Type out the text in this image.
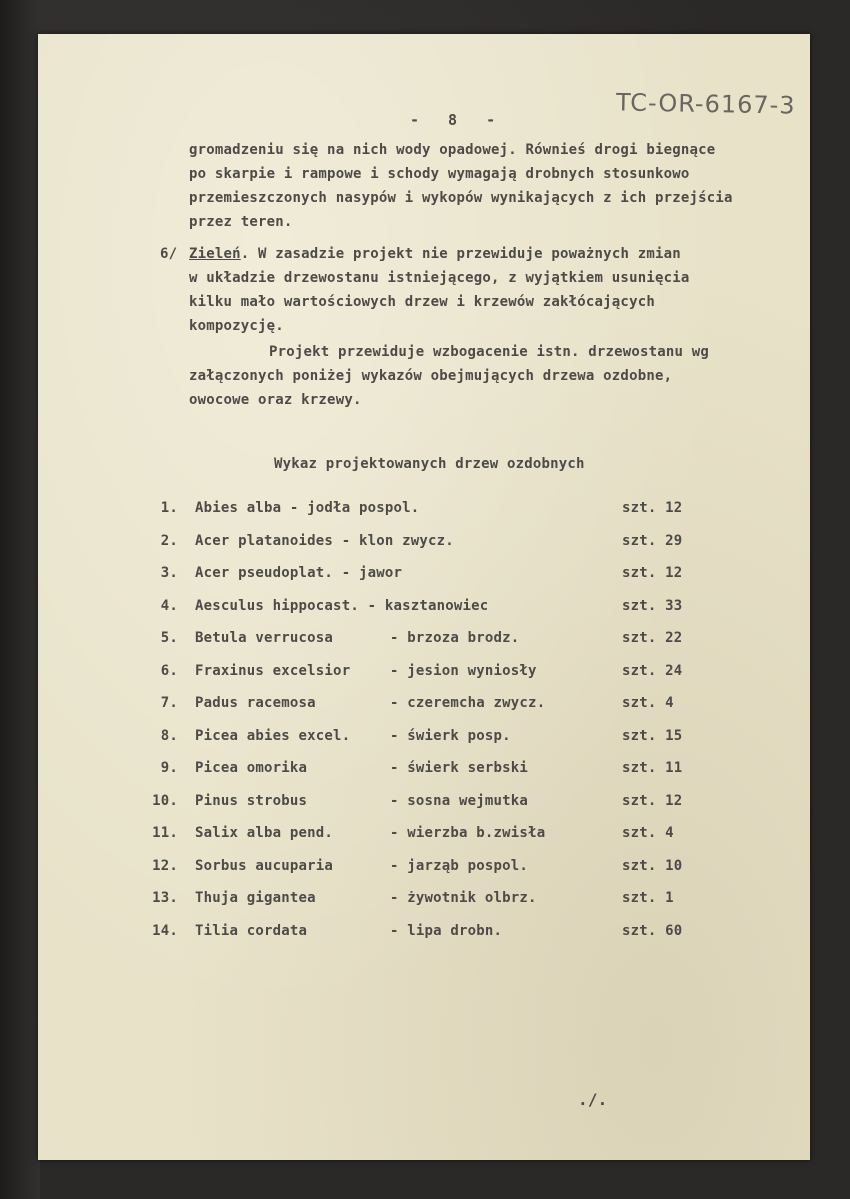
TC-OR-6167-3
- 8 -
gromadzeniu się na nich wody opadowej. Równieś drogi biegnące
po skarpie i rampowe i schody wymagają drobnych stosunkowo
przemieszczonych nasypów i wykopów wynikających z ich przejścia
przez teren.
6/ Zieleń. W zasadzie projekt nie przewiduje poważnych zmian
w układzie drzewostanu istniejącego, z wyjątkiem usunięcia
kilku mało wartościowych drzew i krzewów zakłócających
kompozycję.
Projekt przewiduje wzbogacenie istn. drzewostanu wg
załączonych poniżej wykazów obejmujących drzewa ozdobne,
owocowe oraz krzewy.
Wykaz projektowanych drzew ozdobnych
1. Abies alba - jodła pospol.	szt. 12
2. Acer platanoides - klon zwycz.	szt. 29
3. Acer pseudoplat. - jawor	szt. 12
4. Aesculus hippocast. - kasztanowiec	szt. 33
5. Betula verrucosa	- brzoza brodz.	szt. 22
6. Fraxinus excelsior	- jesion wyniosły	szt. 24
7. Padus racemosa	- czeremcha zwycz.	szt. 4
8. Picea abies excel.	- świerk posp.	szt. 15
9. Picea omorika	- świerk serbski	szt. 11
10. Pinus strobus	- sosna wejmutka	szt. 12
11. Salix alba pend.	- wierzba b.zwisła	szt. 4
12. Sorbus aucuparia	- jarząb pospol.	szt. 10
13. Thuja gigantea	- żywotnik olbrz.	szt. 1
14. Tilia cordata	- lipa drobn.	szt. 60
./.
